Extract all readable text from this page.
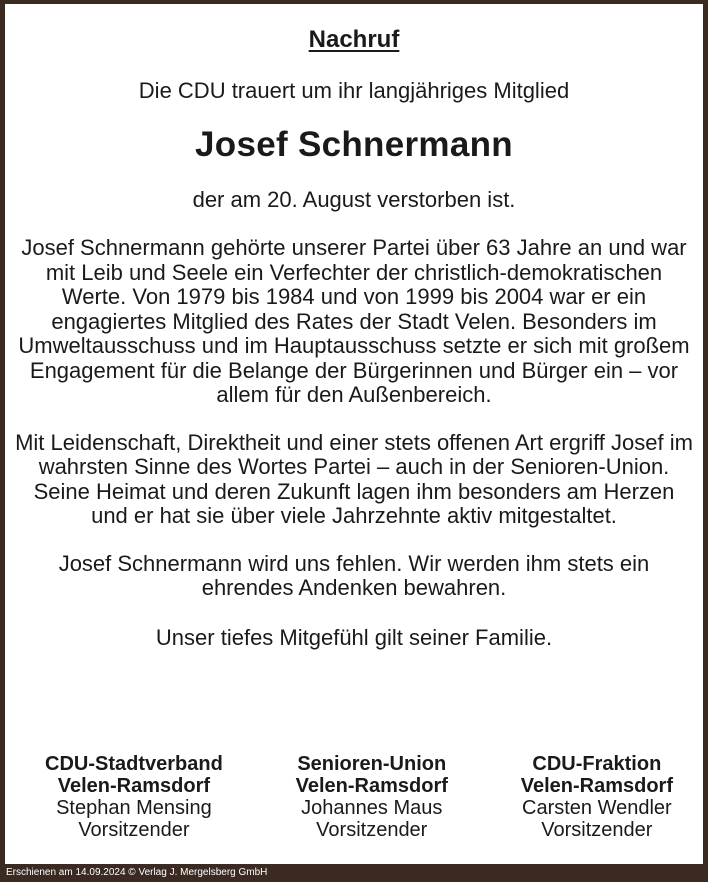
Nachruf
Die CDU trauert um ihr langjähriges Mitglied
Josef Schnermann
der am 20. August verstorben ist.
Josef Schnermann gehörte unserer Partei über 63 Jahre an und war mit Leib und Seele ein Verfechter der christlich-demokratischen Werte. Von 1979 bis 1984 und von 1999 bis 2004 war er ein engagiertes Mitglied des Rates der Stadt Velen. Besonders im Umweltausschuss und im Hauptausschuss setzte er sich mit großem Engagement für die Belange der Bürgerinnen und Bürger ein – vor allem für den Außenbereich.
Mit Leidenschaft, Direktheit und einer stets offenen Art ergriff Josef im wahrsten Sinne des Wortes Partei – auch in der Senioren-Union. Seine Heimat und deren Zukunft lagen ihm besonders am Herzen und er hat sie über viele Jahrzehnte aktiv mitgestaltet.
Josef Schnermann wird uns fehlen. Wir werden ihm stets ein ehrendes Andenken bewahren.
Unser tiefes Mitgefühl gilt seiner Familie.
CDU-Stadtverband
Velen-Ramsdorf
Stephan Mensing
Vorsitzender
Senioren-Union
Velen-Ramsdorf
Johannes Maus
Vorsitzender
CDU-Fraktion
Velen-Ramsdorf
Carsten Wendler
Vorsitzender
Erschienen am 14.09.2024 © Verlag J. Mergelsberg GmbH
